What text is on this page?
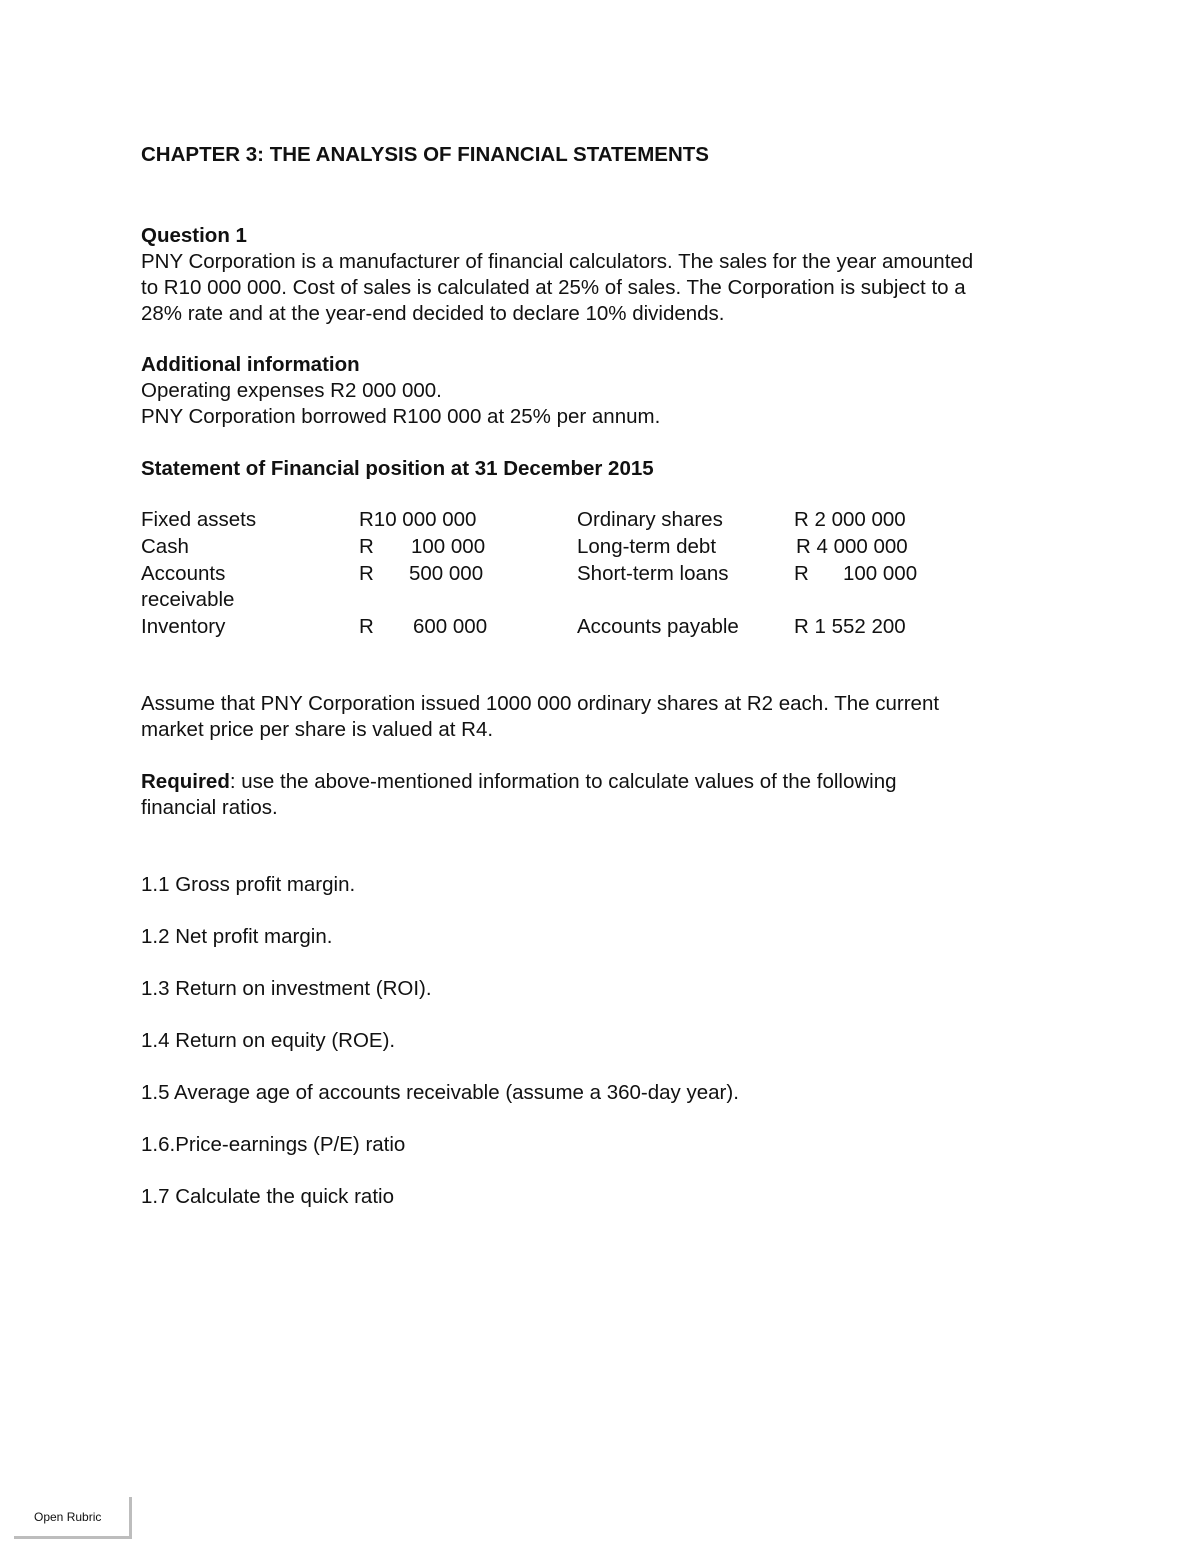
CHAPTER 3: THE ANALYSIS OF FINANCIAL STATEMENTS
Question 1
PNY Corporation is a manufacturer of financial calculators. The sales for the year amounted
to R10 000 000. Cost of sales is calculated at 25% of sales. The Corporation is subject to a
28% rate and at the year-end decided to declare 10% dividends.
Additional information
Operating expenses R2 000 000.
PNY Corporation borrowed R100 000 at 25% per annum.
Statement of Financial position at 31 December 2015
Fixed assets	R10 000 000	Ordinary shares	R 2 000 000
Cash	R 100 000	Long-term debt	R 4 000 000
Accounts
receivable
R 500 000	Short-term loans	R 100 000
Inventory	R 600 000	Accounts payable	R 1 552 200
Assume that PNY Corporation issued 1000 000 ordinary shares at R2 each. The current
market price per share is valued at R4.
Required: use the above-mentioned information to calculate values of the following
financial ratios.
1.1 Gross profit margin.
1.2 Net profit margin.
1.3 Return on investment (ROI).
1.4 Return on equity (ROE).
1.5 Average age of accounts receivable (assume a 360-day year).
1.6.Price-earnings (P/E) ratio
1.7 Calculate the quick ratio
Open Rubric
